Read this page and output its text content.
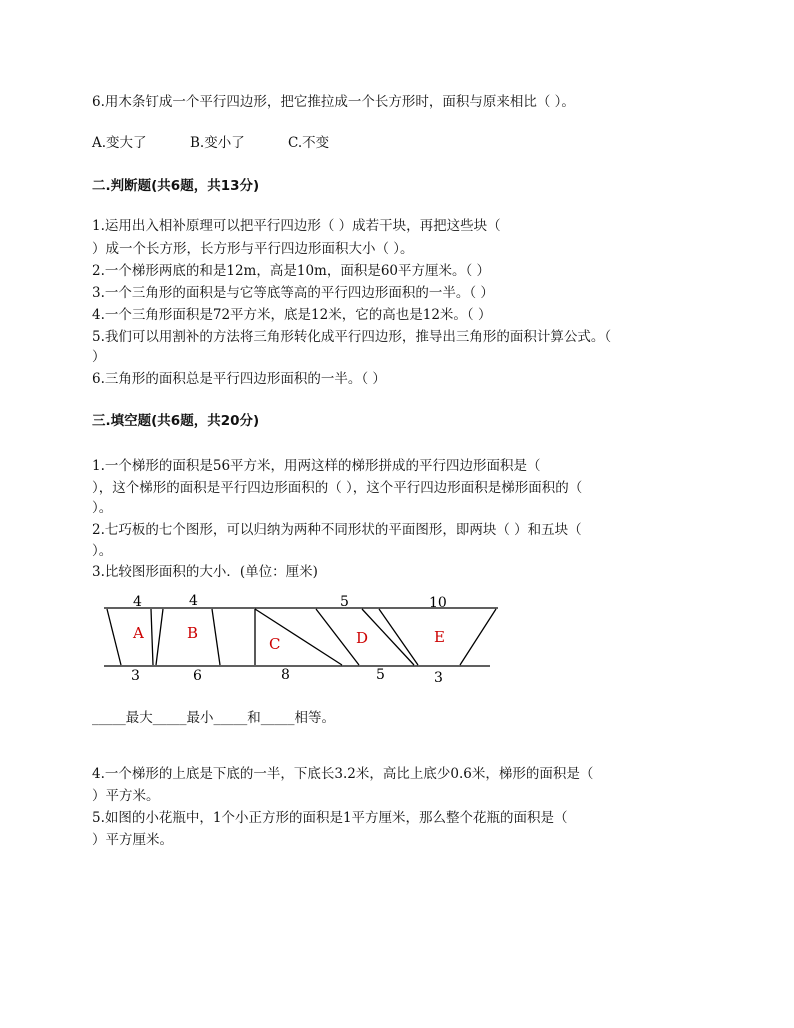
6.用木条钉成一个平行四边形，把它推拉成一个长方形时，面积与原来相比（ ）。
A.变大了	B.变小了	C.不变
二.判断题(共6题，共13分)
1.运用出入相补原理可以把平行四边形（ ）成若干块，再把这些块（
）成一个长方形，长方形与平行四边形面积大小（ ）。
2.一个梯形两底的和是12m，高是10m，面积是60平方厘米。（ ）
3.一个三角形的面积是与它等底等高的平行四边形面积的一半。（ ）
4.一个三角形面积是72平方米，底是12米，它的高也是12米。（ ）
5.我们可以用割补的方法将三角形转化成平行四边形，推导出三角形的面积计算公式。（
）
6.三角形的面积总是平行四边形面积的一半。（ ）
三.填空题(共6题，共20分)
1.一个梯形的面积是56平方米，用两这样的梯形拼成的平行四边形面积是（
），这个梯形的面积是平行四边形面积的（ ），这个平行四边形面积是梯形面积的（
）。
2.七巧板的七个图形，可以归纳为两种不同形状的平面图形，即两块（ ）和五块（
）。
3.比较图形面积的大小．(单位：厘米)
4	4	5	10
A	B
C	D	E
3	6	8	5	3
_____最大_____最小_____和_____相等。
4.一个梯形的上底是下底的一半，下底长3.2米，高比上底少0.6米，梯形的面积是（
）平方米。
5.如图的小花瓶中，1个小正方形的面积是1平方厘米，那么整个花瓶的面积是（
）平方厘米。
